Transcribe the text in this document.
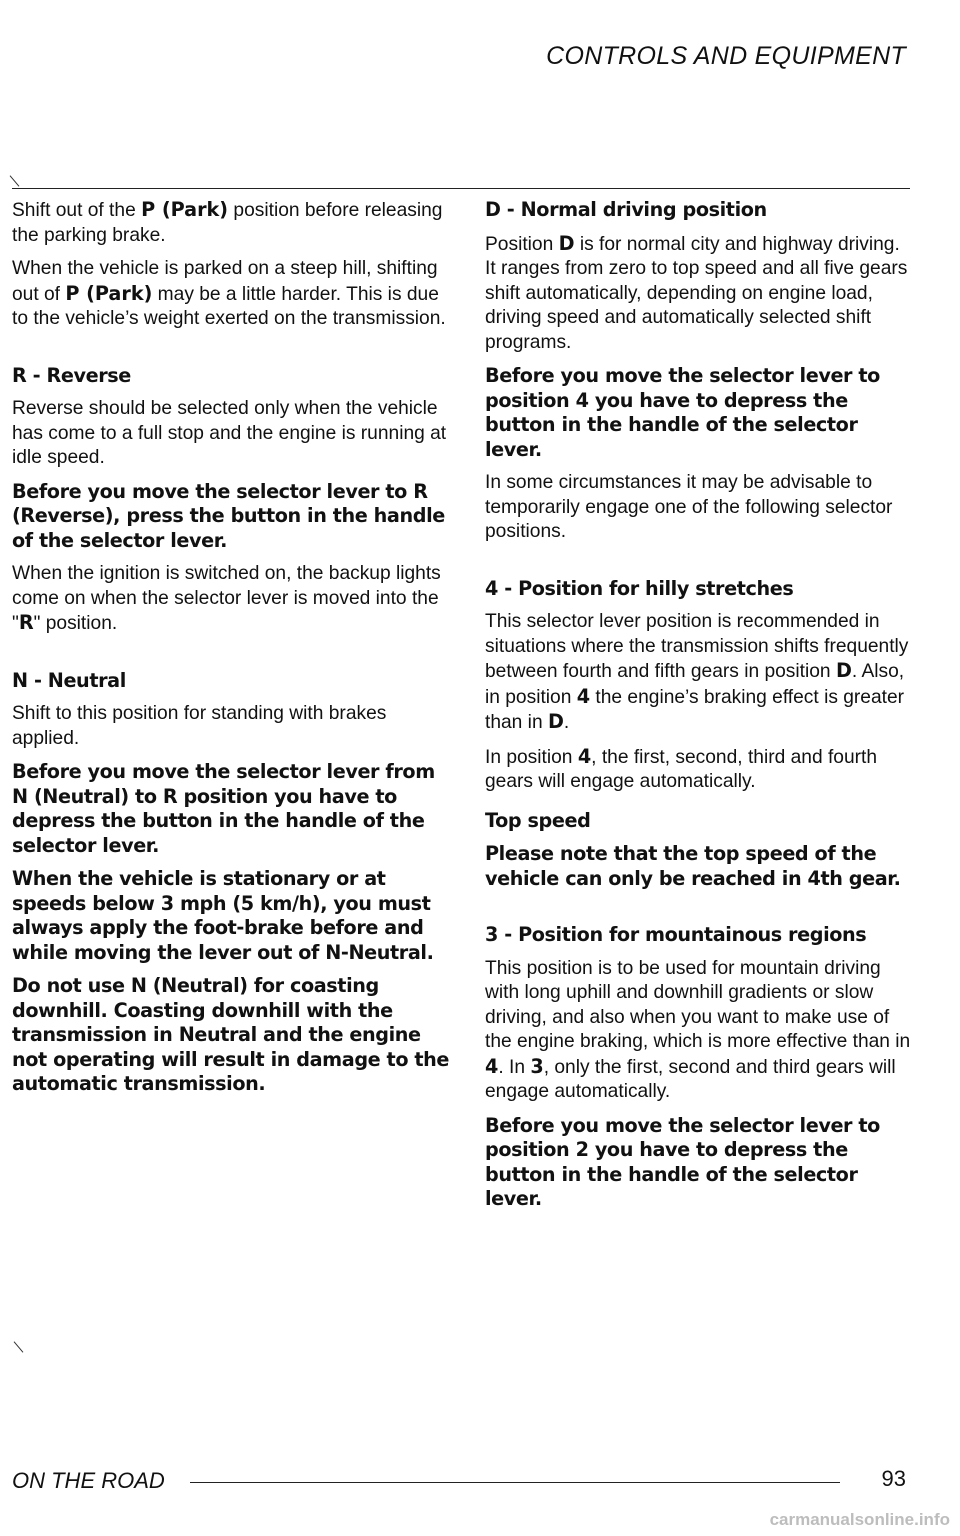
CONTROLS AND EQUIPMENT

Shift out of the P (Park) position before releasing the parking brake.

When the vehicle is parked on a steep hill, shifting out of P (Park) may be a little harder. This is due to the vehicle’s weight exerted on the transmission.

R - Reverse

Reverse should be selected only when the vehicle has come to a full stop and the engine is running at idle speed.

Before you move the selector lever to R (Reverse), press the button in the handle of the selector lever.

When the ignition is switched on, the backup lights come on when the selector lever is moved into the "R" position.

N - Neutral

Shift to this position for standing with brakes applied.

Before you move the selector lever from N (Neutral) to R position you have to depress the button in the handle of the selector lever.

When the vehicle is stationary or at speeds below 3 mph (5 km/h), you must always apply the foot-brake before and while moving the lever out of N-Neutral.

Do not use N (Neutral) for coasting downhill. Coasting downhill with the transmission in Neutral and the engine not operating will result in damage to the automatic transmission.

D - Normal driving position

Position D is for normal city and highway driving. It ranges from zero to top speed and all five gears shift automatically, depending on engine load, driving speed and automatically selected shift programs.

Before you move the selector lever to position 4 you have to depress the button in the handle of the selector lever.

In some circumstances it may be advisable to temporarily engage one of the following selector positions.

4 - Position for hilly stretches

This selector lever position is recommended in situations where the transmission shifts frequently between fourth and fifth gears in position D. Also, in position 4 the engine’s braking effect is greater than in D.

In position 4, the first, second, third and fourth gears will engage automatically.

Top speed

Please note that the top speed of the vehicle can only be reached in 4th gear.

3 - Position for mountainous regions

This position is to be used for mountain driving with long uphill and downhill gradients or slow driving, and also when you want to make use of the engine braking, which is more effective than in 4. In 3, only the first, second and third gears will engage automatically.

Before you move the selector lever to position 2 you have to depress the button in the handle of the selector lever.

ON THE ROAD	93
carmanualsonline.info
